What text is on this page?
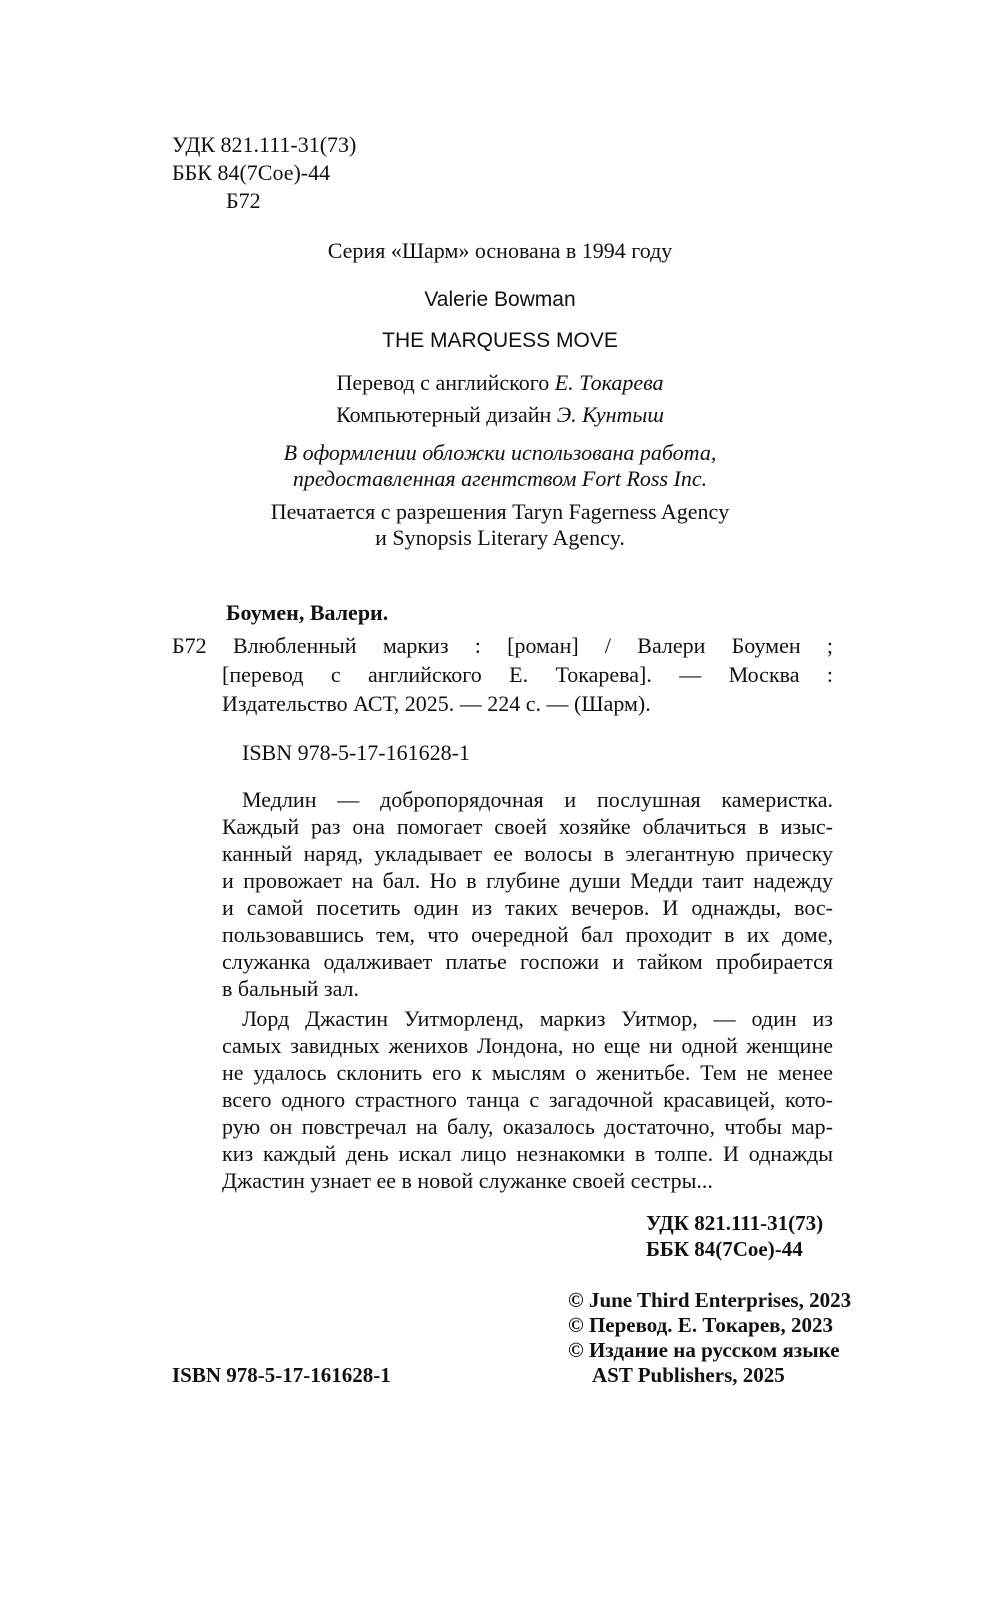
УДК 821.111-31(73)
ББК 84(7Сое)-44
Б72
Серия «Шарм» основана в 1994 году
Valerie Bowman
THE MARQUESS MOVE
Перевод с английского Е. Токарева
Компьютерный дизайн Э. Кунтыш
В оформлении обложки использована работа,
предоставленная агентством Fort Ross Inc.
Печатается с разрешения Taryn Fagerness Agency
и Synopsis Literary Agency.
Боумен, Валери.
Б72 Влюбленный маркиз : [роман] / Валери Боумен ;
[перевод с английского Е. Токарева]. — Москва :
Издательство АСТ, 2025. — 224 с. — (Шарм).
ISBN 978-5-17-161628-1
Медлин — добропорядочная и послушная камеристка.
Каждый раз она помогает своей хозяйке облачиться в изыс-
канный наряд, укладывает ее волосы в элегантную прическу
и провожает на бал. Но в глубине души Медди таит надежду
и самой посетить один из таких вечеров. И однажды, вос-
пользовавшись тем, что очередной бал проходит в их доме,
служанка одалживает платье госпожи и тайком пробирается
в бальный зал.
Лорд Джастин Уитморленд, маркиз Уитмор, — один из
самых завидных женихов Лондона, но еще ни одной женщине
не удалось склонить его к мыслям о женитьбе. Тем не менее
всего одного страстного танца с загадочной красавицей, кото-
рую он повстречал на балу, оказалось достаточно, чтобы мар-
киз каждый день искал лицо незнакомки в толпе. И однажды
Джастин узнает ее в новой служанке своей сестры...
УДК 821.111-31(73)
ББК 84(7Сое)-44
© June Third Enterprises, 2023
© Перевод. Е. Токарев, 2023
© Издание на русском языке
AST Publishers, 2025
ISBN 978-5-17-161628-1
